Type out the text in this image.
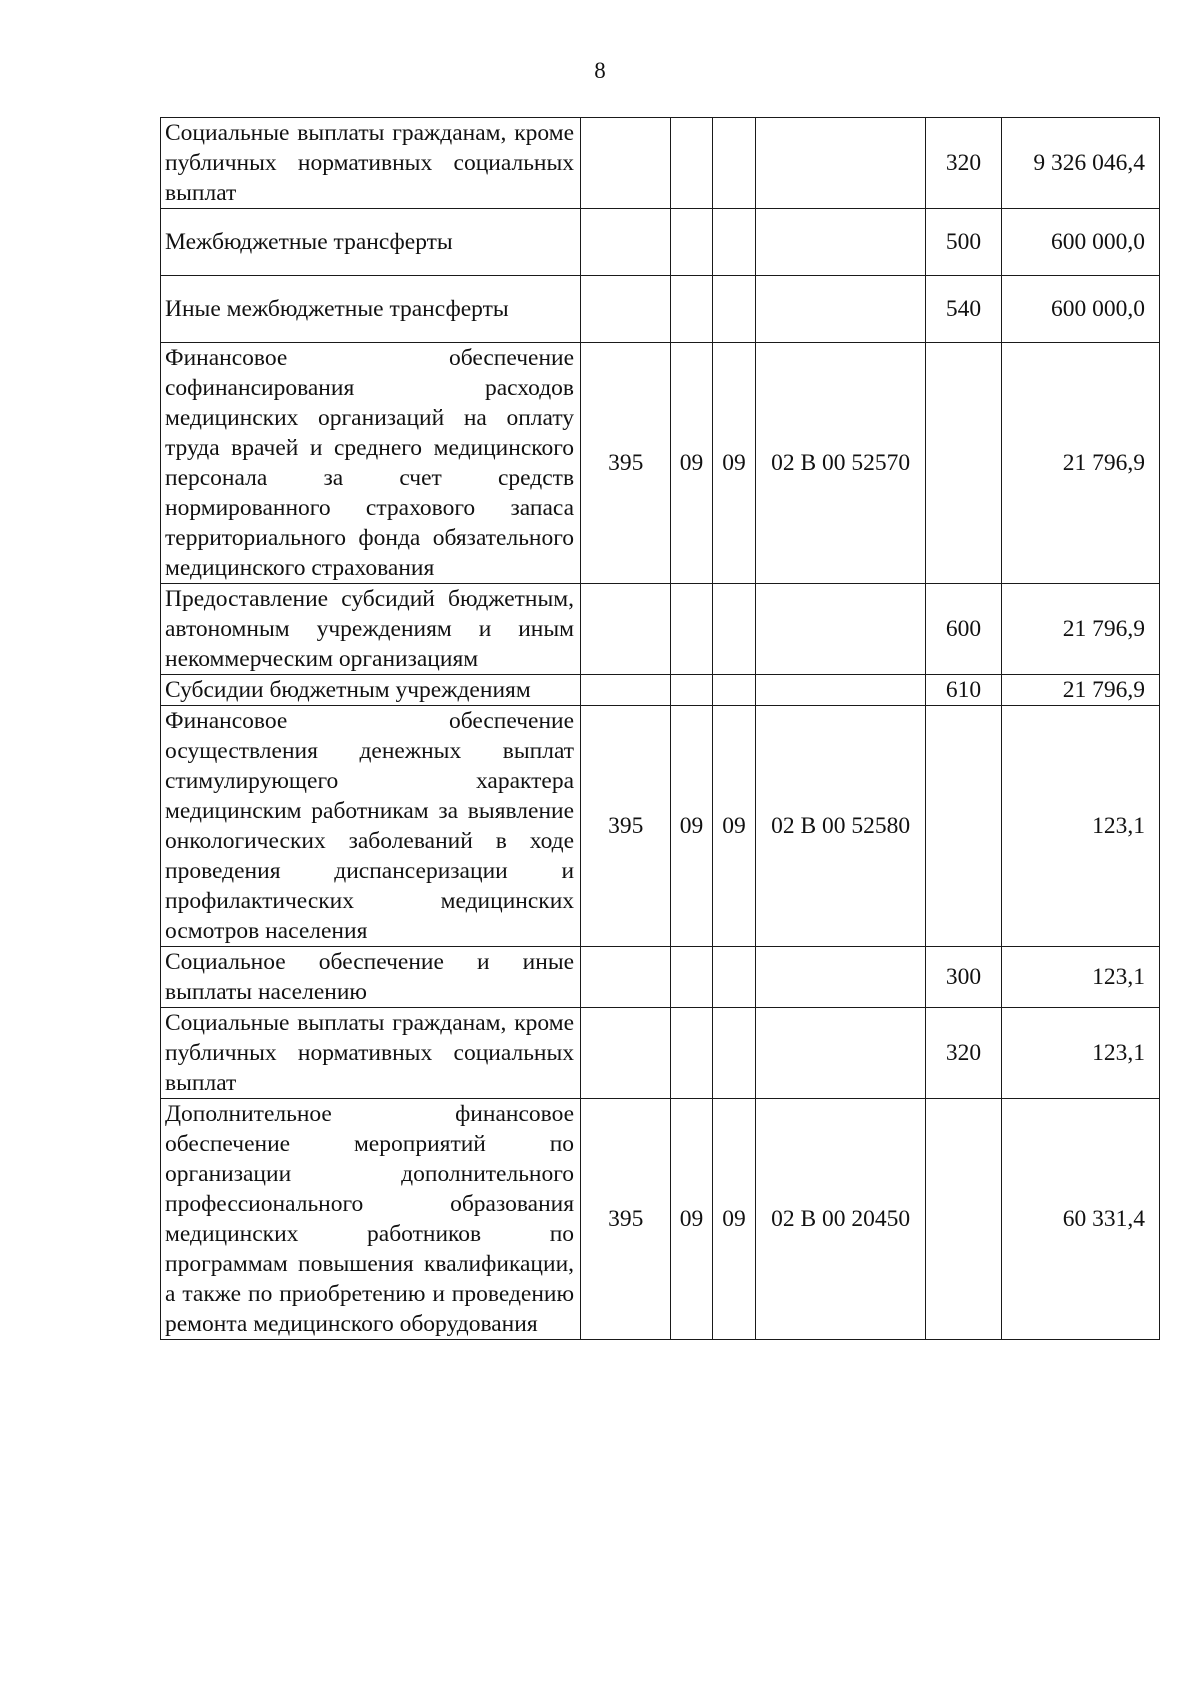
8
Социальные выплаты гражданам, кроме публичных нормативных социальных выплат					320	9 326 046,4
Межбюджетные трансферты					500	600 000,0
Иные межбюджетные трансферты					540	600 000,0
Финансовое обеспечение софинансирования расходов медицинских организаций на оплату труда врачей и среднего медицинского персонала за счет средств нормированного страхового запаса территориального фонда обязательного медицинского страхования	395	09	09	02 В 00 52570		21 796,9
Предоставление субсидий бюджетным, автономным учреждениям и иным некоммерческим организациям					600	21 796,9
Субсидии бюджетным учреждениям					610	21 796,9
Финансовое обеспечение осуществления денежных выплат стимулирующего характера медицинским работникам за выявление онкологических заболеваний в ходе проведения диспансеризации и профилактических медицинских осмотров населения	395	09	09	02 В 00 52580		123,1
Социальное обеспечение и иные выплаты населению					300	123,1
Социальные выплаты гражданам, кроме публичных нормативных социальных выплат					320	123,1
Дополнительное финансовое обеспечение мероприятий по организации дополнительного профессионального образования медицинских работников по программам повышения квалификации, а также по приобретению и проведению ремонта медицинского оборудования	395	09	09	02 В 00 20450		60 331,4
